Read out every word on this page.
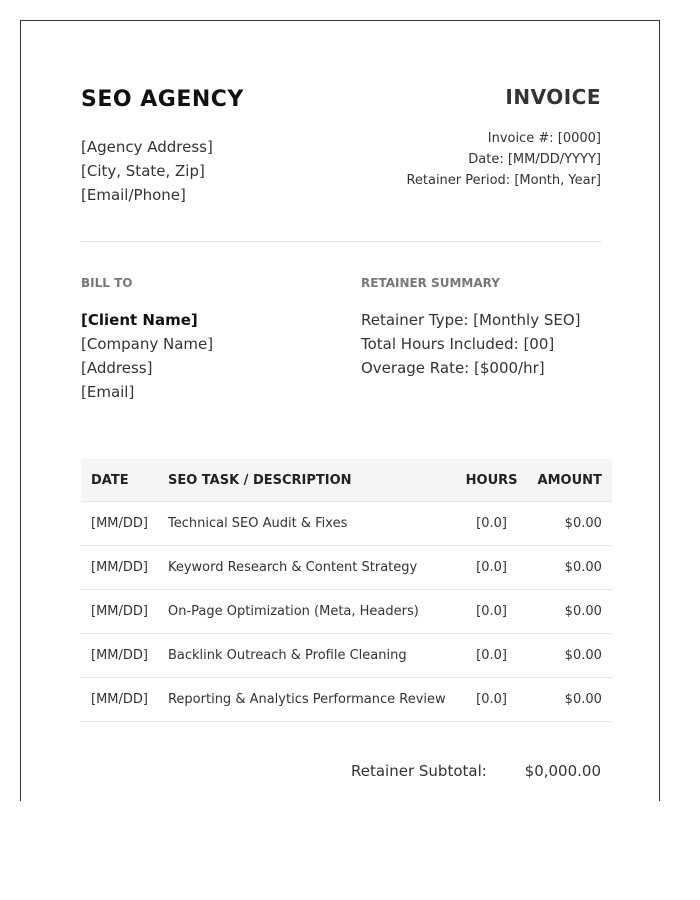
SEO AGENCY
[Agency Address]
[City, State, Zip]
[Email/Phone]
INVOICE
Invoice #: [0000]
Date: [MM/DD/YYYY]
Retainer Period: [Month, Year]
BILL TO	RETAINER SUMMARY
[Client Name]
[Company Name]
[Address]
[Email]
Retainer Type: [Monthly SEO]
Total Hours Included: [00]
Overage Rate: [$000/hr]
DATE	SEO TASK / DESCRIPTION	HOURS	AMOUNT
[MM/DD]	Technical SEO Audit & Fixes	[0.0]	$0.00
[MM/DD]	Keyword Research & Content Strategy	[0.0]	$0.00
[MM/DD]	On-Page Optimization (Meta, Headers)	[0.0]	$0.00
[MM/DD]	Backlink Outreach & Profile Cleaning	[0.0]	$0.00
[MM/DD]	Reporting & Analytics Performance Review	[0.0]	$0.00
Retainer Subtotal:	$0,000.00
